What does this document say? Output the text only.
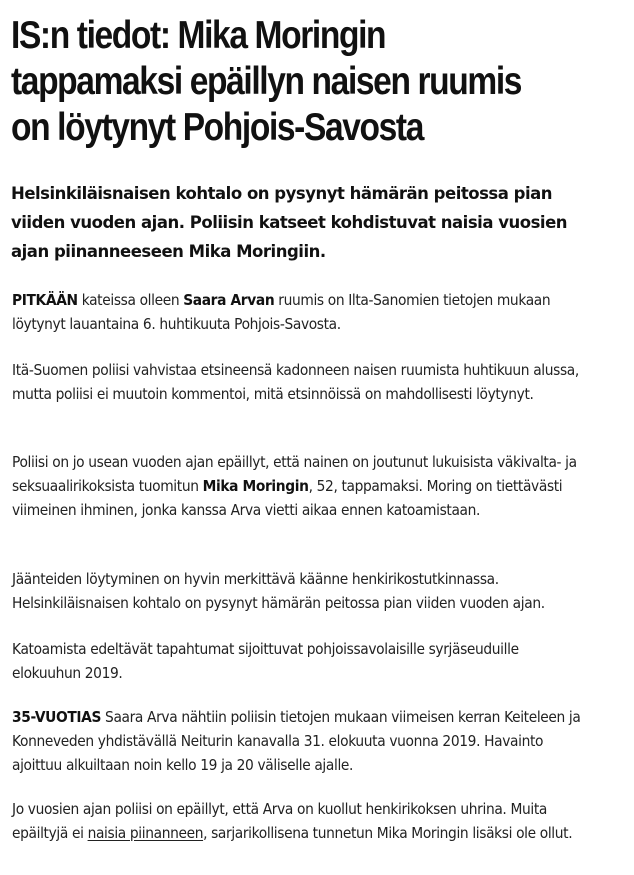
IS:n tiedot: Mika Moringin tappamaksi epäillyn naisen ruumis on löytynyt Pohjois-Savosta

Helsinkiläisnaisen kohtalo on pysynyt hämärän peitossa pian viiden vuoden ajan. Poliisin katseet kohdistuvat naisia vuosien ajan piinanneeseen Mika Moringiin.

PITKÄÄN kateissa olleen Saara Arvan ruumis on Ilta-Sanomien tietojen mukaan löytynyt lauantaina 6. huhtikuuta Pohjois-Savosta.

Itä-Suomen poliisi vahvistaa etsineensä kadonneen naisen ruumista huhtikuun alussa, mutta poliisi ei muutoin kommentoi, mitä etsinnöissä on mahdollisesti löytynyt.

Poliisi on jo usean vuoden ajan epäillyt, että nainen on joutunut lukuisista väkivalta- ja seksuaalirikoksista tuomitun Mika Moringin, 52, tappamaksi. Moring on tiettävästi viimeinen ihminen, jonka kanssa Arva vietti aikaa ennen katoamistaan.

Jäänteiden löytyminen on hyvin merkittävä käänne henkirikostutkinnassa. Helsinkiläisnaisen kohtalo on pysynyt hämärän peitossa pian viiden vuoden ajan.

Katoamista edeltävät tapahtumat sijoittuvat pohjoissavolaisille syrjäseuduille elokuuhun 2019.

35-VUOTIAS Saara Arva nähtiin poliisin tietojen mukaan viimeisen kerran Keiteleen ja Konneveden yhdistävällä Neiturin kanavalla 31. elokuuta vuonna 2019. Havainto ajoittuu alkuiltaan noin kello 19 ja 20 väliselle ajalle.

Jo vuosien ajan poliisi on epäillyt, että Arva on kuollut henkirikoksen uhrina. Muita epäiltyjä ei naisia piinanneen, sarjarikollisena tunnetun Mika Moringin lisäksi ole ollut.
